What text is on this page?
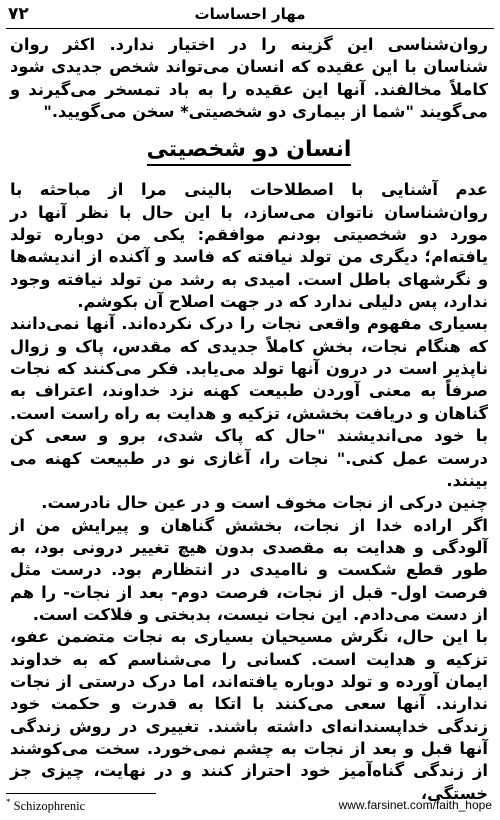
۷۲	مهار احساسات

روان‌شناسی این گزینه را در اختیار ندارد. اکثر روان شناسان با این عقیده که انسان می‌تواند شخص جدیدی شود کاملاً مخالفند. آنها این عقیده را به باد تمسخر می‌گیرند و می‌گویند "شما از بیماری دو شخصیتی* سخن می‌گویید."

انسان دو شخصیتی

عدم آشنایی با اصطلاحات بالینی مرا از مباحثه با روان‌شناسان ناتوان می‌سازد، با این حال با نظر آنها در مورد دو شخصیتی بودنم موافقم: یکی من دوباره تولد یافته‌ام؛ دیگری من تولد نیافته که فاسد و آکنده از اندیشه‌ها و نگرشهای باطل است. امیدی به رشد من تولد نیافته وجود ندارد، پس دلیلی ندارد که در جهت اصلاح آن بکوشم.

بسیاری مفهوم واقعی نجات را درک نکرده‌اند. آنها نمی‌دانند که هنگام نجات، بخش کاملاً جدیدی که مقدس، پاک و زوال ناپذیر است در درون آنها تولد می‌یابد. فکر می‌کنند که نجات صرفاً به معنی آوردن طبیعت کهنه نزد خداوند، اعتراف به گناهان و دریافت بخشش، تزکیه و هدایت به راه راست است. با خود می‌اندیشند "حال که پاک شدی، برو و سعی کن درست عمل کنی." نجات را، آغازی نو در طبیعت کهنه می بینند.

چنین درکی از نجات مخوف است و در عین حال نادرست.

اگر اراده خدا از نجات، بخشش گناهان و پیرایش من از آلودگی و هدایت به مقصدی بدون هیچ تغییر درونی بود، به طور قطع شکست و ناامیدی در انتظارم بود. درست مثل فرصت اول- قبل از نجات، فرصت دوم- بعد از نجات- را هم از دست می‌دادم. این نجات نیست، بدبختی و فلاکت است.

با این حال، نگرش مسیحیان بسیاری به نجات متضمن عفو، تزکیه و هدایت است. کسانی را می‌شناسم که به خداوند ایمان آورده و تولد دوباره یافته‌اند، اما درک درستی از نجات ندارند. آنها سعی می‌کنند با اتکا به قدرت و حکمت خود زندگی خداپسندانه‌ای داشته باشند. تغییری در روش زندگی آنها قبل و بعد از نجات به چشم نمی‌خورد. سخت می‌کوشند از زندگی گناه‌آمیز خود احتراز کنند و در نهایت، چیزی جز خستگی،

* Schizophrenic	www.farsinet.com/faith_hope
